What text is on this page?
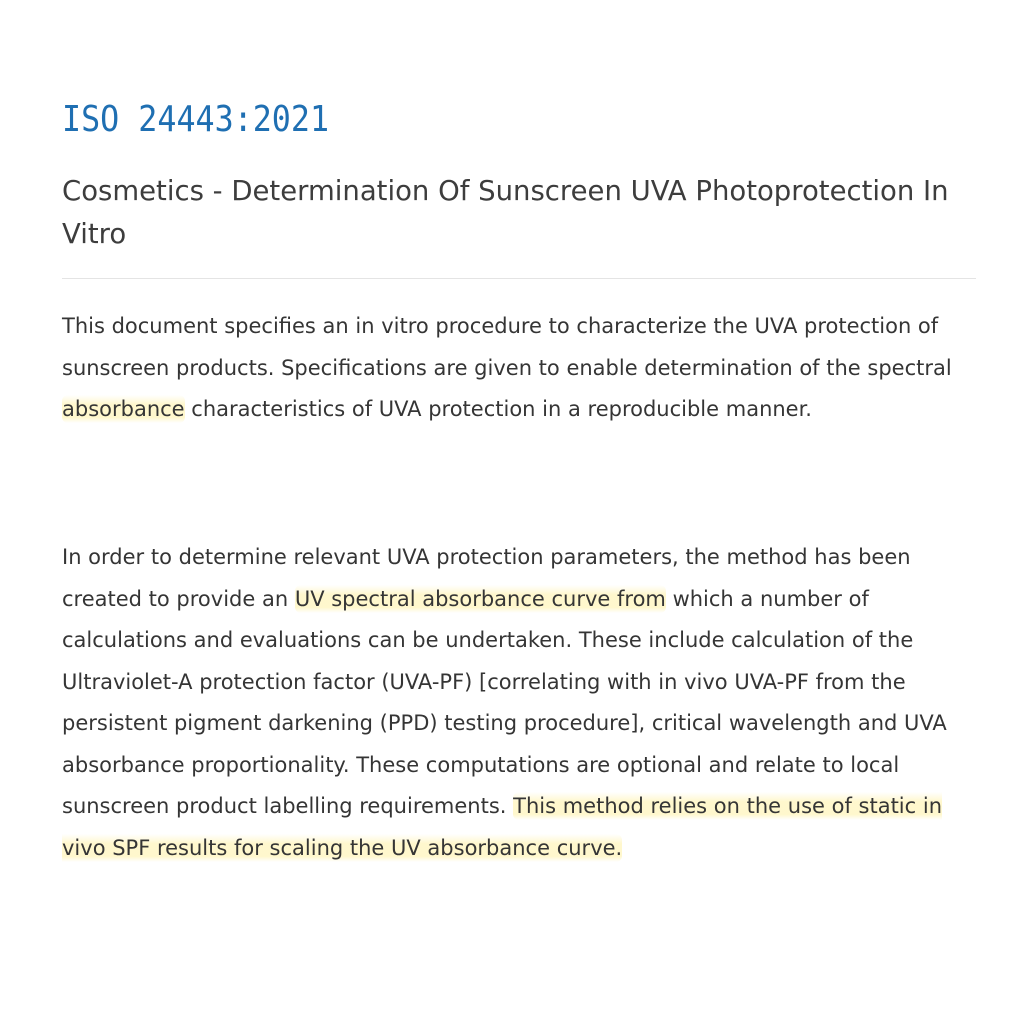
ISO 24443:2021
Cosmetics - Determination Of Sunscreen UVA Photoprotection In Vitro

This document specifies an in vitro procedure to characterize the UVA protection of sunscreen products. Specifications are given to enable determination of the spectral absorbance characteristics of UVA protection in a reproducible manner.

In order to determine relevant UVA protection parameters, the method has been created to provide an UV spectral absorbance curve from which a number of calculations and evaluations can be undertaken. These include calculation of the Ultraviolet-A protection factor (UVA-PF) [correlating with in vivo UVA-PF from the persistent pigment darkening (PPD) testing procedure], critical wavelength and UVA absorbance proportionality. These computations are optional and relate to local sunscreen product labelling requirements. This method relies on the use of static in vivo SPF results for scaling the UV absorbance curve.
